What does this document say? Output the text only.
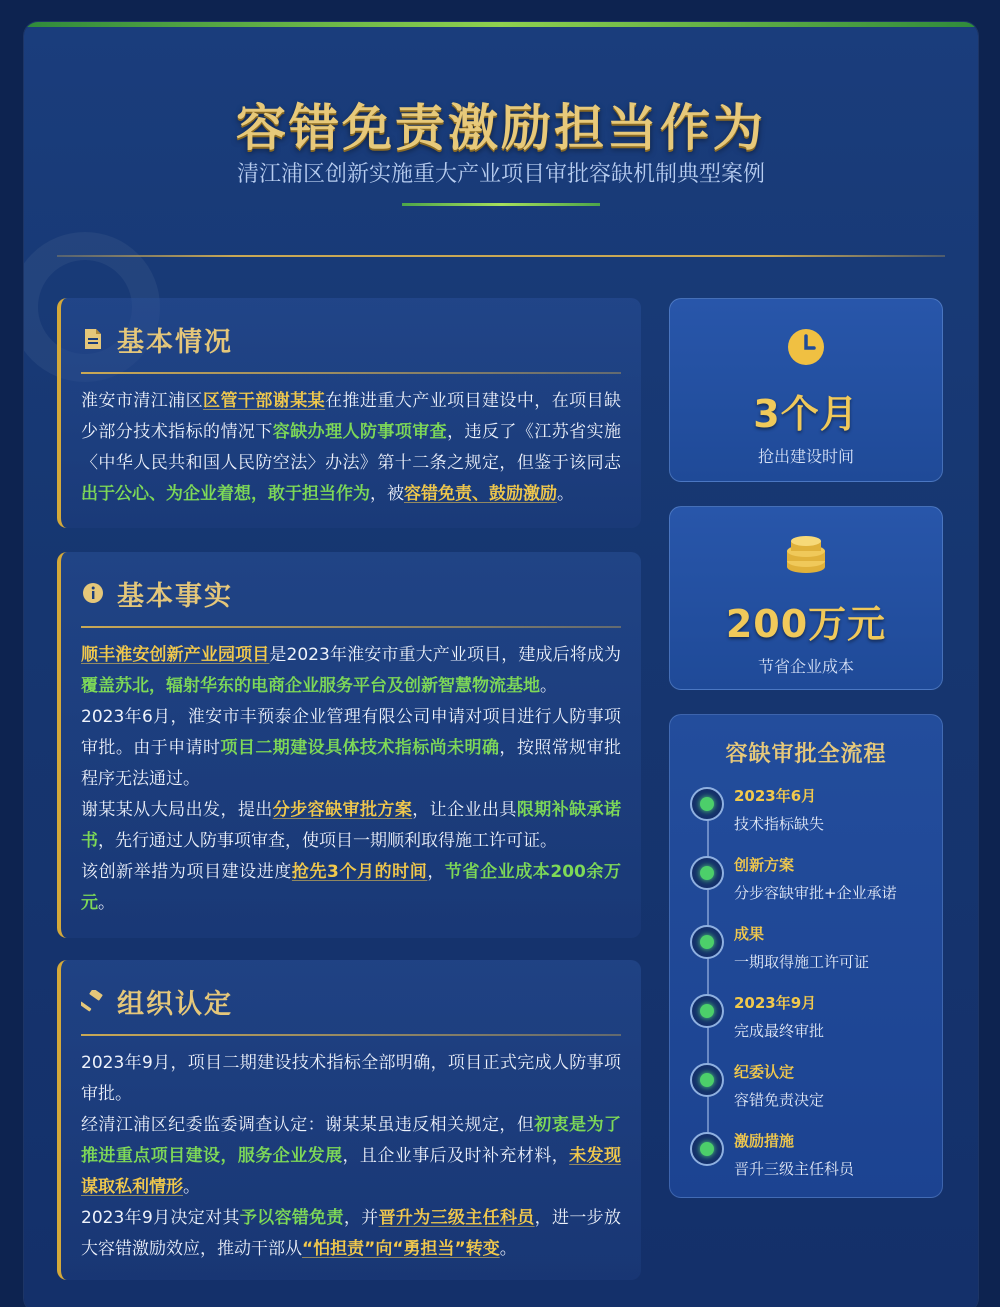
容错免责激励担当作为
清江浦区创新实施重大产业项目审批容缺机制典型案例
基本情况

淮安市清江浦区区管干部谢某某在推进重大产业项目建设中，在项目缺少部分技术指标的情况下容缺办理人防事项审查，违反了《江苏省实施〈中华人民共和国人民防空法〉办法》第十二条之规定，但鉴于该同志出于公心、为企业着想，敢于担当作为，被容错免责、鼓励激励。

基本事实

顺丰淮安创新产业园项目是2023年淮安市重大产业项目，建成后将成为覆盖苏北，辐射华东的电商企业服务平台及创新智慧物流基地。

2023年6月，淮安市丰预泰企业管理有限公司申请对项目进行人防事项审批。由于申请时项目二期建设具体技术指标尚未明确，按照常规审批程序无法通过。

谢某某从大局出发，提出分步容缺审批方案，让企业出具限期补缺承诺书，先行通过人防事项审查，使项目一期顺利取得施工许可证。

该创新举措为项目建设进度抢先3个月的时间，节省企业成本200余万元。

组织认定

2023年9月，项目二期建设技术指标全部明确，项目正式完成人防事项审批。

经清江浦区纪委监委调查认定：谢某某虽违反相关规定，但初衷是为了推进重点项目建设，服务企业发展，且企业事后及时补充材料，未发现谋取私利情形。

2023年9月决定对其予以容错免责，并晋升为三级主任科员，进一步放大容错激励效应，推动干部从“怕担责”向“勇担当”转变。

3个月
抢出建设时间
200万元
节省企业成本
容缺审批全流程
2023年6月
技术指标缺失
创新方案
分步容缺审批+企业承诺
成果
一期取得施工许可证
2023年9月
完成最终审批
纪委认定
容错免责决定
激励措施
晋升三级主任科员
